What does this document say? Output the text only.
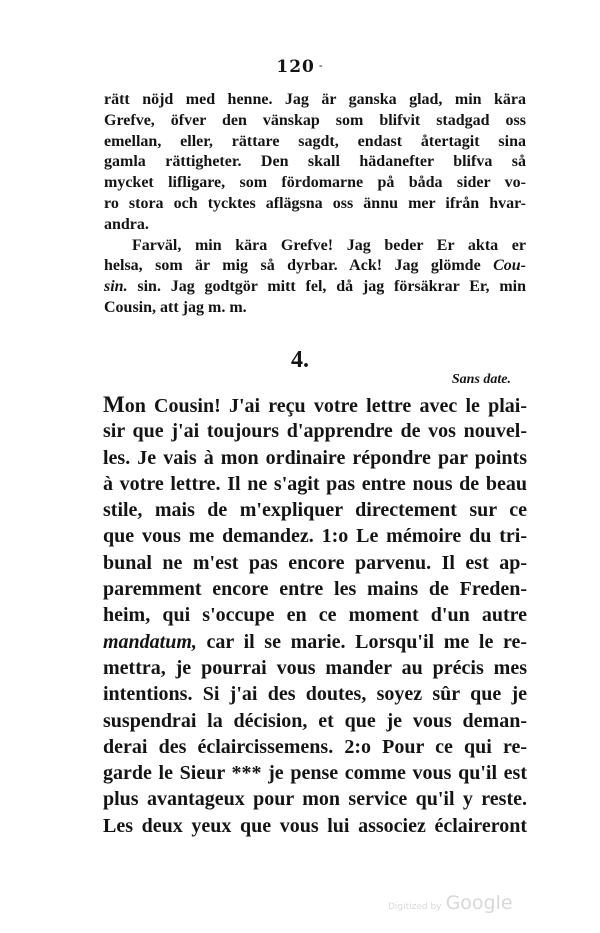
120 -
rätt nöjd med henne. Jag är ganska glad, min kära
Grefve, öfver den vänskap som blifvit stadgad oss
emellan, eller, rättare sagdt, endast återtagit sina
gamla rättigheter. Den skall hädanefter blifva så
mycket lifligare, som fördomarne på båda sider vo-
ro stora och tycktes aflägsna oss ännu mer ifrån hvar-
andra.
Farväl, min kära Grefve! Jag beder Er akta er
helsa, som är mig så dyrbar. Ack! Jag glömde Cou-
sin. sin. Jag godtgör mitt fel, då jag försäkrar Er, min
Cousin, att jag m. m.
4.
Sans date.
Mon Cousin! J'ai reçu votre lettre avec le plai-
sir que j'ai toujours d'apprendre de vos nouvel-
les. Je vais à mon ordinaire répondre par points
à votre lettre. Il ne s'agit pas entre nous de beau
stile, mais de m'expliquer directement sur ce
que vous me demandez. 1:o Le mémoire du tri-
bunal ne m'est pas encore parvenu. Il est ap-
paremment encore entre les mains de Freden-
heim, qui s'occupe en ce moment d'un autre
mandatum, car il se marie. Lorsqu'il me le re-
mettra, je pourrai vous mander au précis mes
intentions. Si j'ai des doutes, soyez sûr que je
suspendrai la décision, et que je vous deman-
derai des éclaircissemens. 2:o Pour ce qui re-
garde le Sieur *** je pense comme vous qu'il est
plus avantageux pour mon service qu'il y reste.
Les deux yeux que vous lui associez éclaireront
Digitized by Google
